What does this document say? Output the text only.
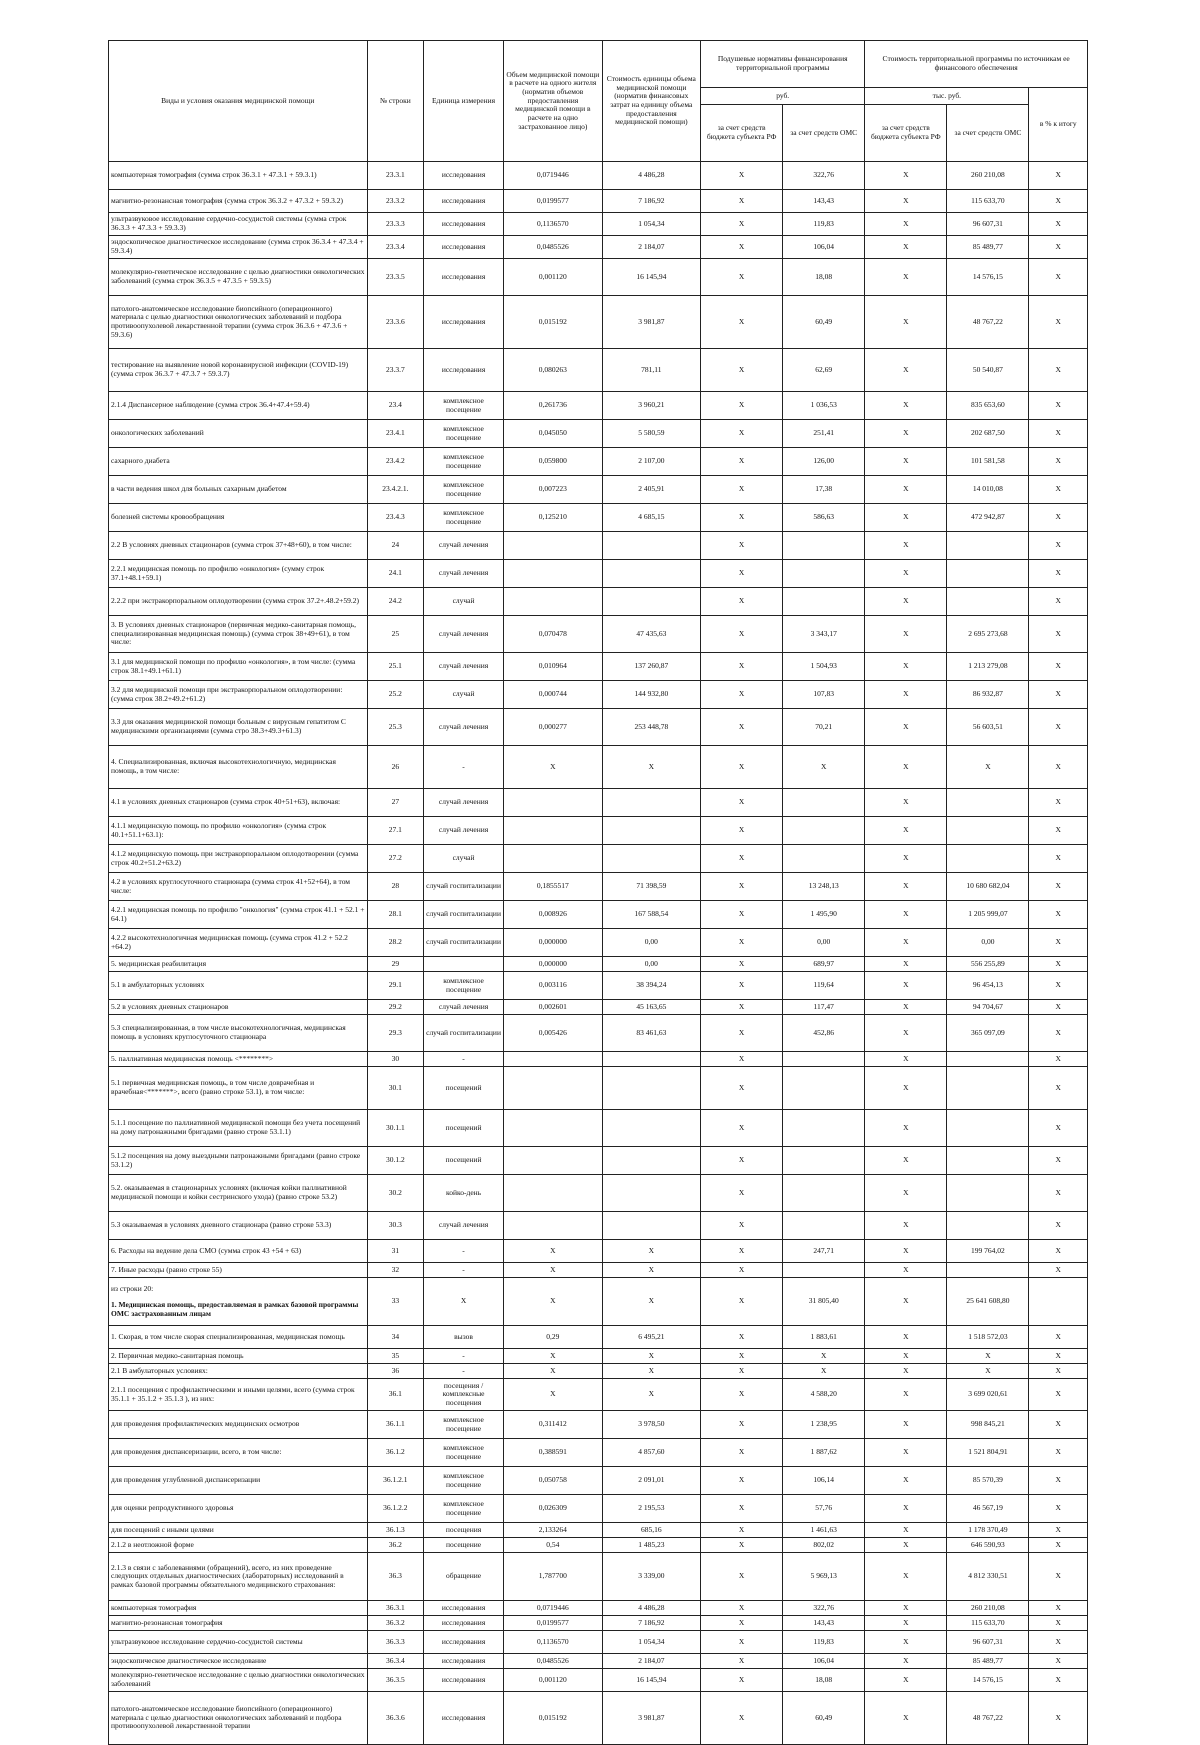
Виды и условия оказания медицинской помощи	№ строки	Единица измерения	Объем медицинской помощи в расчете на одного жителя (норматив объемов предоставления медицинской помощи в расчете на одно застрахованное лицо)	Стоимость единицы объема медицинской помощи (норматив финансовых затрат на единицу объема предоставления медицинской помощи)	Подушевые нормативы финансирования территориальной программы		Стоимость территориальной программы по источникам ее финансового обеспечения		
					руб.		тыс. руб.		в % к итогу
					за счет средств бюджета субъекта РФ	за счет средств ОМС	за счет средств бюджета субъекта РФ	за счет средств ОМС	
компьютерная томография (сумма строк 36.3.1 + 47.3.1 + 59.3.1)	23.3.1	исследования	0,0719446	4 486,28	X	322,76	X	260 210,08	X
магнитно-резонансная томография (сумма строк 36.3.2 + 47.3.2 + 59.3.2)	23.3.2	исследования	0,0199577	7 186,92	X	143,43	X	115 633,70	X
ультразвуковое исследование сердечно-сосудистой системы (сумма строк 36.3.3 + 47.3.3 + 59.3.3)	23.3.3	исследования	0,1136570	1 054,34	X	119,83	X	96 607,31	X
эндоскопическое диагностическое исследование (сумма строк 36.3.4 + 47.3.4 + 59.3.4)	23.3.4	исследования	0,0485526	2 184,07	X	106,04	X	85 489,77	X
молекулярно-генетическое исследование с целью диагностики онкологических заболеваний (сумма строк 36.3.5 + 47.3.5 + 59.3.5)	23.3.5	исследования	0,001120	16 145,94	X	18,08	X	14 576,15	X
патолого-анатомическое исследование биопсийного (операционного) материала с целью диагностики онкологических заболеваний и подбора противоопухолевой лекарственной терапии (сумма строк 36.3.6 + 47.3.6 + 59.3.6)	23.3.6	исследования	0,015192	3 981,87	X	60,49	X	48 767,22	X
тестирование на выявление новой коронавирусной инфекции (COVID-19) (сумма строк 36.3.7 + 47.3.7 + 59.3.7)	23.3.7	исследования	0,080263	781,11	X	62,69	X	50 540,87	X
2.1.4 Диспансерное наблюдение (сумма строк 36.4+47.4+59.4)	23.4	комплексное посещение	0,261736	3 960,21	X	1 036,53	X	835 653,60	X
онкологических заболеваний	23.4.1	комплексное посещение	0,045050	5 580,59	X	251,41	X	202 687,50	X
сахарного диабета	23.4.2	комплексное посещение	0,059800	2 107,00	X	126,00	X	101 581,58	X
в части ведения школ для больных сахарным диабетом	23.4.2.1.	комплексное посещение	0,007223	2 405,91	X	17,38	X	14 010,08	X
болезней системы кровообращения	23.4.3	комплексное посещение	0,125210	4 685,15	X	586,63	X	472 942,87	X
2.2 В условиях дневных стационаров (сумма строк 37+48+60), в том числе:	24	случай лечения			X		X		X
2.2.1 медицинская помощь по профилю «онкология» (сумму строк 37.1+48.1+59.1)	24.1	случай лечения			X		X		X
2.2.2 при экстракорпоральном оплодотворении (сумма строк 37.2+.48.2+59.2)	24.2	случай			X		X		X
3. В условиях дневных стационаров (первичная медико-санитарная помощь, специализированная медицинская помощь) (сумма строк 38+49+61), в том числе:	25	случай лечения	0,070478	47 435,63	X	3 343,17	X	2 695 273,68	X
3.1 для медицинской помощи по профилю «онкология», в том числе: (сумма строк 38.1+49.1+61.1)	25.1	случай лечения	0,010964	137 260,87	X	1 504,93	X	1 213 279,08	X
3.2 для медицинской помощи при экстракорпоральном оплодотворении: (сумма строк 38.2+49.2+61.2)	25.2	случай	0,000744	144 932,80	X	107,83	X	86 932,87	X
3.3 для оказания медицинской помощи больным с вирусным гепатитом С медицинскими организациями (сумма стро 38.3+49.3+61.3)	25.3	случай лечения	0,000277	253 448,78	X	70,21	X	56 603,51	X
4. Специализированная, включая высокотехнологичную, медицинская помощь, в том числе:	26	-	X	X	X	X	X	X	X
4.1 в условиях дневных стационаров (сумма строк 40+51+63), включая:	27	случай лечения			X		X		X
4.1.1 медицинскую помощь по профилю «онкология» (сумма строк 40.1+51.1+63.1):	27.1	случай лечения			X		X		X
4.1.2 медицинскую помощь при экстракорпоральном оплодотворении (сумма строк 40.2+51.2+63.2)	27.2	случай			X		X		X
4.2 в условиях круглосуточного стационара (сумма строк 41+52+64), в том числе:	28	случай госпитализации	0,1855517	71 398,59	X	13 248,13	X	10 680 682,04	X
4.2.1 медицинская помощь по профилю "онкология" (сумма строк 41.1 + 52.1 + 64.1)	28.1	случай госпитализации	0,008926	167 588,54	X	1 495,90	X	1 205 999,07	X
4.2.2 высокотехнологичная медицинская помощь (сумма строк 41.2 + 52.2 +64.2)	28.2	случай госпитализации	0,000000	0,00	X	0,00	X	0,00	X
5. медицинская реабилитация	29		0,000000	0,00	X	689,97	X	556 255,89	X
5.1 в амбулаторных условиях	29.1	комплексное посещение	0,003116	38 394,24	X	119,64	X	96 454,13	X
5.2 в условиях дневных стационаров	29.2	случай лечения	0,002601	45 163,65	X	117,47	X	94 704,67	X
5.3 специализированная, в том числе высокотехнологичная, медицинская помощь в условиях круглосуточного стационара	29.3	случай госпитализации	0,005426	83 461,63	X	452,86	X	365 097,09	X
5. паллиативная медицинская помощь <********>	30	-			X		X		X
5.1 первичная медицинская помощь, в том числе доврачебная и врачебная<*******>, всего (равно строке 53.1), в том числе:	30.1	посещений			X		X		X
5.1.1 посещение по паллиативной медицинской помощи без учета посещений на дому патронажными бригадами (равно строке 53.1.1)	30.1.1	посещений			X		X		X
5.1.2 посещения на дому выездными патронажными бригадами (равно строке 53.1.2)	30.1.2	посещений			X		X		X
5.2. оказываемая в стационарных условиях (включая койки паллиативной медицинской помощи и койки сестринского ухода) (равно строке 53.2)	30.2	койко-день			X		X		X
5.3 оказываемая в условиях дневного стационара (равно строке 53.3)	30.3	случай лечения			X		X		X
6. Расходы на ведение дела СМО (сумма строк 43 +54 + 63)	31	-	X	X	X	247,71	X	199 764,02	X
7. Иные расходы (равно строке 55)	32	-	X	X	X		X		X

из строки 20:
1. Медицинская помощь, предоставляемая в рамках базовой программы ОМС застрахованным лицам	33	X	X	X	X	31 805,40	X	25 641 608,80	
1. Скорая, в том числе скорая специализированная, медицинская помощь	34	вызов	0,29	6 495,21	X	1 883,61	X	1 518 572,03	X
2. Первичная медико-санитарная помощь	35	-	X	X	X	X	X	X	X
2.1 В амбулаторных условиях:	36	-	X	X	X	X	X	X	X
2.1.1 посещения с профилактическими и иными целями, всего (сумма строк 35.1.1 + 35.1.2 + 35.1.3 ), из них:	36.1	посещения / комплексные посещения	X	X	X	4 588,20	X	3 699 020,61	X
для проведения профилактических медицинских осмотров	36.1.1	комплексное посещение	0,311412	3 978,50	X	1 238,95	X	998 845,21	X
для проведения диспансеризации, всего, в том числе:	36.1.2	комплексное посещение	0,388591	4 857,60	X	1 887,62	X	1 521 804,91	X
для проведения углубленной диспансеризации	36.1.2.1	комплексное посещение	0,050758	2 091,01	X	106,14	X	85 570,39	X
для оценки репродуктивного здоровья	36.1.2.2	комплексное посещение	0,026309	2 195,53	X	57,76	X	46 567,19	X
для посещений с иными целями	36.1.3	посещения	2,133264	685,16	X	1 461,63	X	1 178 370,49	X
2.1.2 в неотложной форме	36.2	посещение	0,54	1 485,23	X	802,02	X	646 590,93	X
2.1.3 в связи с заболеваниями (обращений), всего, из них проведение следующих отдельных диагностических (лабораторных) исследований в рамках базовой программы обязательного медицинского страхования:	36.3	обращение	1,787700	3 339,00	X	5 969,13	X	4 812 330,51	X
компьютерная томография	36.3.1	исследования	0,0719446	4 486,28	X	322,76	X	260 210,08	X
магнитно-резонансная томография	36.3.2	исследования	0,0199577	7 186,92	X	143,43	X	115 633,70	X
ультразвуковое исследование сердечно-сосудистой системы	36.3.3	исследования	0,1136570	1 054,34	X	119,83	X	96 607,31	X
эндоскопическое диагностическое исследование	36.3.4	исследования	0,0485526	2 184,07	X	106,04	X	85 489,77	X
молекулярно-генетическое исследование с целью диагностики онкологических заболеваний	36.3.5	исследования	0,001120	16 145,94	X	18,08	X	14 576,15	X
патолого-анатомическое исследование биопсийного (операционного) материала с целью диагностики онкологических заболеваний и подбора противоопухолевой лекарственной терапии	36.3.6	исследования	0,015192	3 981,87	X	60,49	X	48 767,22	X
